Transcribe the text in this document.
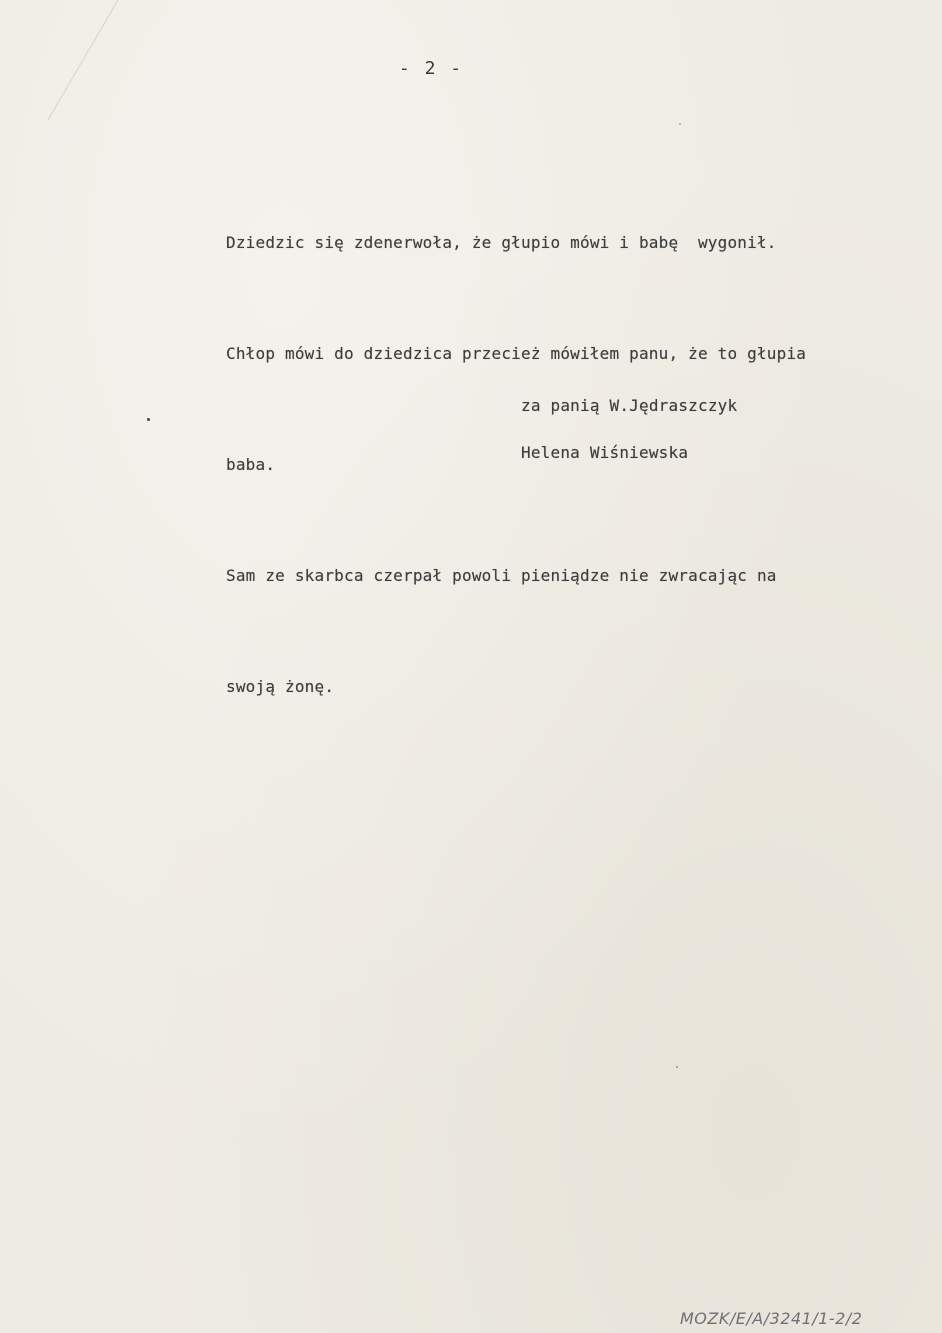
- 2 -

Dziedzic się zdenerwoła, że głupio mówi i babę  wygonił.

Chłop mówi do dziedzica przecież mówiłem panu, że to głupia

baba.

Sam ze skarbca czerpał powoli pieniądze nie zwracając na

swoją żonę.

za panią W.Jędraszczyk
Helena Wiśniewska
MOZK/E/A/3241/1-2/2
